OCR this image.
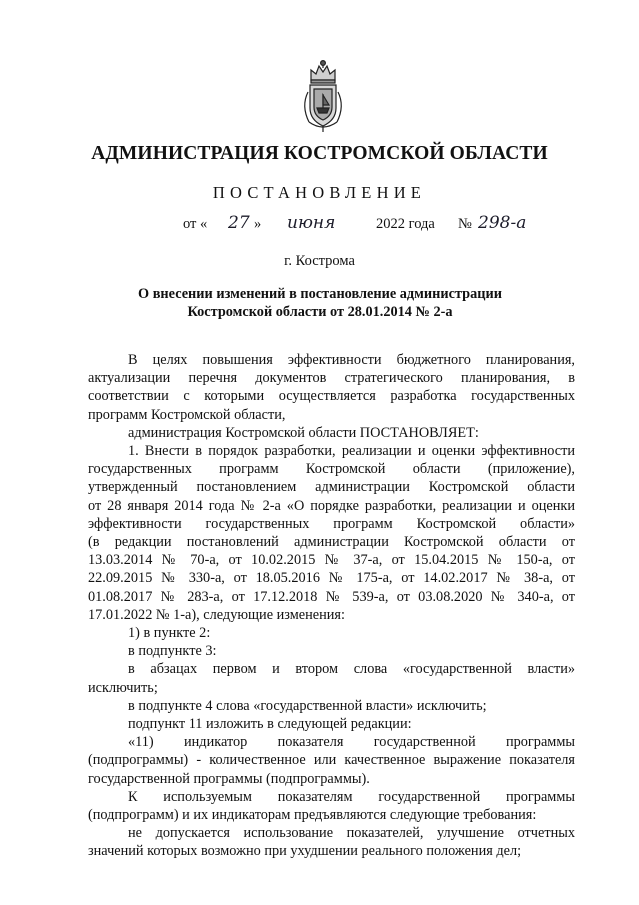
АДМИНИСТРАЦИЯ КОСТРОМСКОЙ ОБЛАСТИ
ПОСТАНОВЛЕНИЕ
от « 27 » июня	2022 года № 298-а
г. Кострома
О внесении изменений в постановление администрации
Костромской области от 28.01.2014 № 2-а

В целях повышения эффективности бюджетного планирования,

актуализации перечня документов стратегического планирования, в

соответствии с которыми осуществляется разработка государственных

программ Костромской области,

администрация Костромской области ПОСТАНОВЛЯЕТ:

1. Внести в порядок разработки, реализации и оценки эффективности

государственных программ Костромской области (приложение),

утвержденный постановлением администрации Костромской области

от 28 января 2014 года № 2-а «О порядке разработки, реализации и оценки

эффективности государственных программ Костромской области»

(в редакции постановлений администрации Костромской области от

13.03.2014 № 70-а, от 10.02.2015 № 37-а, от 15.04.2015 № 150-а, от

22.09.2015 № 330-а, от 18.05.2016 № 175-а, от 14.02.2017 № 38-а, от

01.08.2017 № 283-а, от 17.12.2018 № 539-а, от 03.08.2020 № 340-а, от

17.01.2022 № 1-а), следующие изменения:

1) в пункте 2:

в подпункте 3:

в абзацах первом и втором слова «государственной власти»

исключить;

в подпункте 4 слова «государственной власти» исключить;

подпункт 11 изложить в следующей редакции:

«11) индикатор показателя государственной программы

(подпрограммы) - количественное или качественное выражение показателя

государственной программы (подпрограммы).

К используемым показателям государственной программы

(подпрограмм) и их индикаторам предъявляются следующие требования:

не допускается использование показателей, улучшение отчетных

значений которых возможно при ухудшении реального положения дел;
